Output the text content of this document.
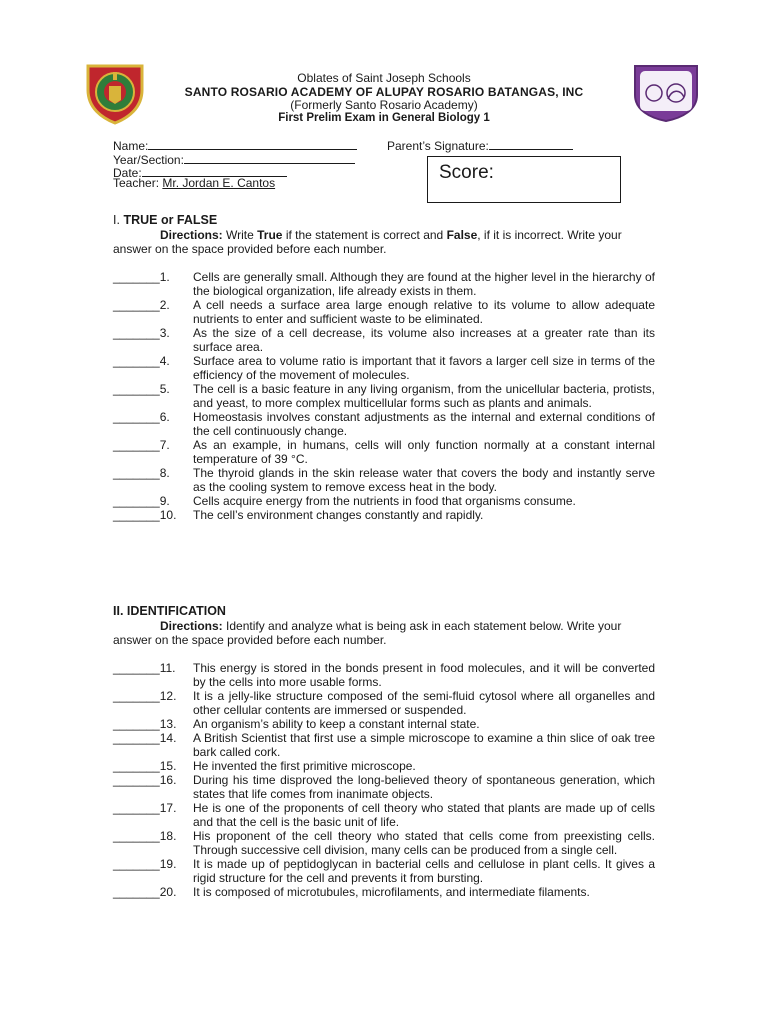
Oblates of Saint Joseph Schools
SANTO ROSARIO ACADEMY OF ALUPAY ROSARIO BATANGAS, INC
(Formerly Santo Rosario Academy)
First Prelim Exam in General Biology 1
Name:
Year/Section:
Date:
Teacher: Mr. Jordan E. Cantos
Parent’s Signature:
Score:
I. TRUE or FALSE
Directions: Write True if the statement is correct and False, if it is incorrect. Write your answer on the space provided before each number.
_______1. Cells are generally small. Although they are found at the higher level in the hierarchy of the biological organization, life already exists in them.
_______2. A cell needs a surface area large enough relative to its volume to allow adequate nutrients to enter and sufficient waste to be eliminated.
_______3. As the size of a cell decrease, its volume also increases at a greater rate than its surface area.
_______4. Surface area to volume ratio is important that it favors a larger cell size in terms of the efficiency of the movement of molecules.
_______5. The cell is a basic feature in any living organism, from the unicellular bacteria, protists, and yeast, to more complex multicellular forms such as plants and animals.
_______6. Homeostasis involves constant adjustments as the internal and external conditions of the cell continuously change.
_______7. As an example, in humans, cells will only function normally at a constant internal temperature of 39 °C.
_______8. The thyroid glands in the skin release water that covers the body and instantly serve as the cooling system to remove excess heat in the body.
_______9. Cells acquire energy from the nutrients in food that organisms consume.
_______10. The cell’s environment changes constantly and rapidly.
II. IDENTIFICATION
Directions: Identify and analyze what is being ask in each statement below. Write your answer on the space provided before each number.
_______11. This energy is stored in the bonds present in food molecules, and it will be converted by the cells into more usable forms.
_______12. It is a jelly-like structure composed of the semi-fluid cytosol where all organelles and other cellular contents are immersed or suspended.
_______13. An organism’s ability to keep a constant internal state.
_______14. A British Scientist that first use a simple microscope to examine a thin slice of oak tree bark called cork.
_______15. He invented the first primitive microscope.
_______16. During his time disproved the long-believed theory of spontaneous generation, which states that life comes from inanimate objects.
_______17. He is one of the proponents of cell theory who stated that plants are made up of cells and that the cell is the basic unit of life.
_______18. His proponent of the cell theory who stated that cells come from preexisting cells. Through successive cell division, many cells can be produced from a single cell.
_______19. It is made up of peptidoglycan in bacterial cells and cellulose in plant cells. It gives a rigid structure for the cell and prevents it from bursting.
_______20. It is composed of microtubules, microfilaments, and intermediate filaments.
